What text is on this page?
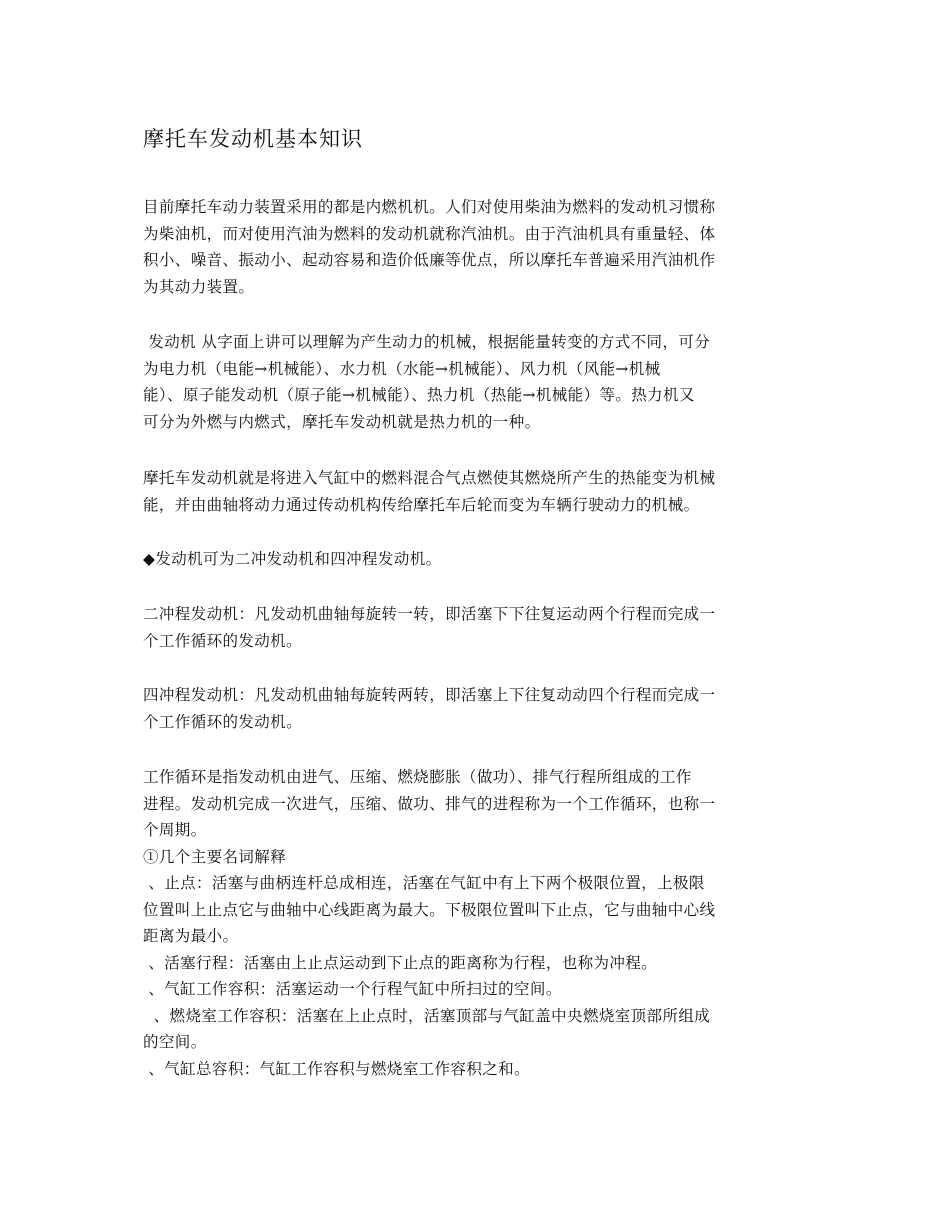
摩托车发动机基本知识
目前摩托车动力装置采用的都是内燃机机。人们对使用柴油为燃料的发动机习惯称
为柴油机，而对使用汽油为燃料的发动机就称汽油机。由于汽油机具有重量轻、体
积小、噪音、振动小、起动容易和造价低廉等优点，所以摩托车普遍采用汽油机作
为其动力装置。
发动机 从字面上讲可以理解为产生动力的机械，根据能量转变的方式不同，可分
为电力机（电能→机械能）、水力机（水能→机械能）、风力机（风能→机械
能）、原子能发动机（原子能→机械能）、热力机（热能→机械能）等。热力机又
可分为外燃与内燃式，摩托车发动机就是热力机的一种。
摩托车发动机就是将进入气缸中的燃料混合气点燃使其燃烧所产生的热能变为机械
能，并由曲轴将动力通过传动机构传给摩托车后轮而变为车辆行驶动力的机械。
◆发动机可为二冲发动机和四冲程发动机。
二冲程发动机：凡发动机曲轴每旋转一转，即活塞下下往复运动两个行程而完成一
个工作循环的发动机。
四冲程发动机：凡发动机曲轴每旋转两转，即活塞上下往复动动四个行程而完成一
个工作循环的发动机。
工作循环是指发动机由进气、压缩、燃烧膨胀（做功）、排气行程所组成的工作
进程。发动机完成一次进气，压缩、做功、排气的进程称为一个工作循环，也称一
个周期。
①几个主要名词解释
、止点：活塞与曲柄连杆总成相连，活塞在气缸中有上下两个极限位置，上极限
位置叫上止点它与曲轴中心线距离为最大。下极限位置叫下止点，它与曲轴中心线
距离为最小。
、活塞行程：活塞由上止点运动到下止点的距离称为行程，也称为冲程。
、气缸工作容积：活塞运动一个行程气缸中所扫过的空间。
、燃烧室工作容积：活塞在上止点时，活塞顶部与气缸盖中央燃烧室顶部所组成
的空间。
、气缸总容积：气缸工作容积与燃烧室工作容积之和。
